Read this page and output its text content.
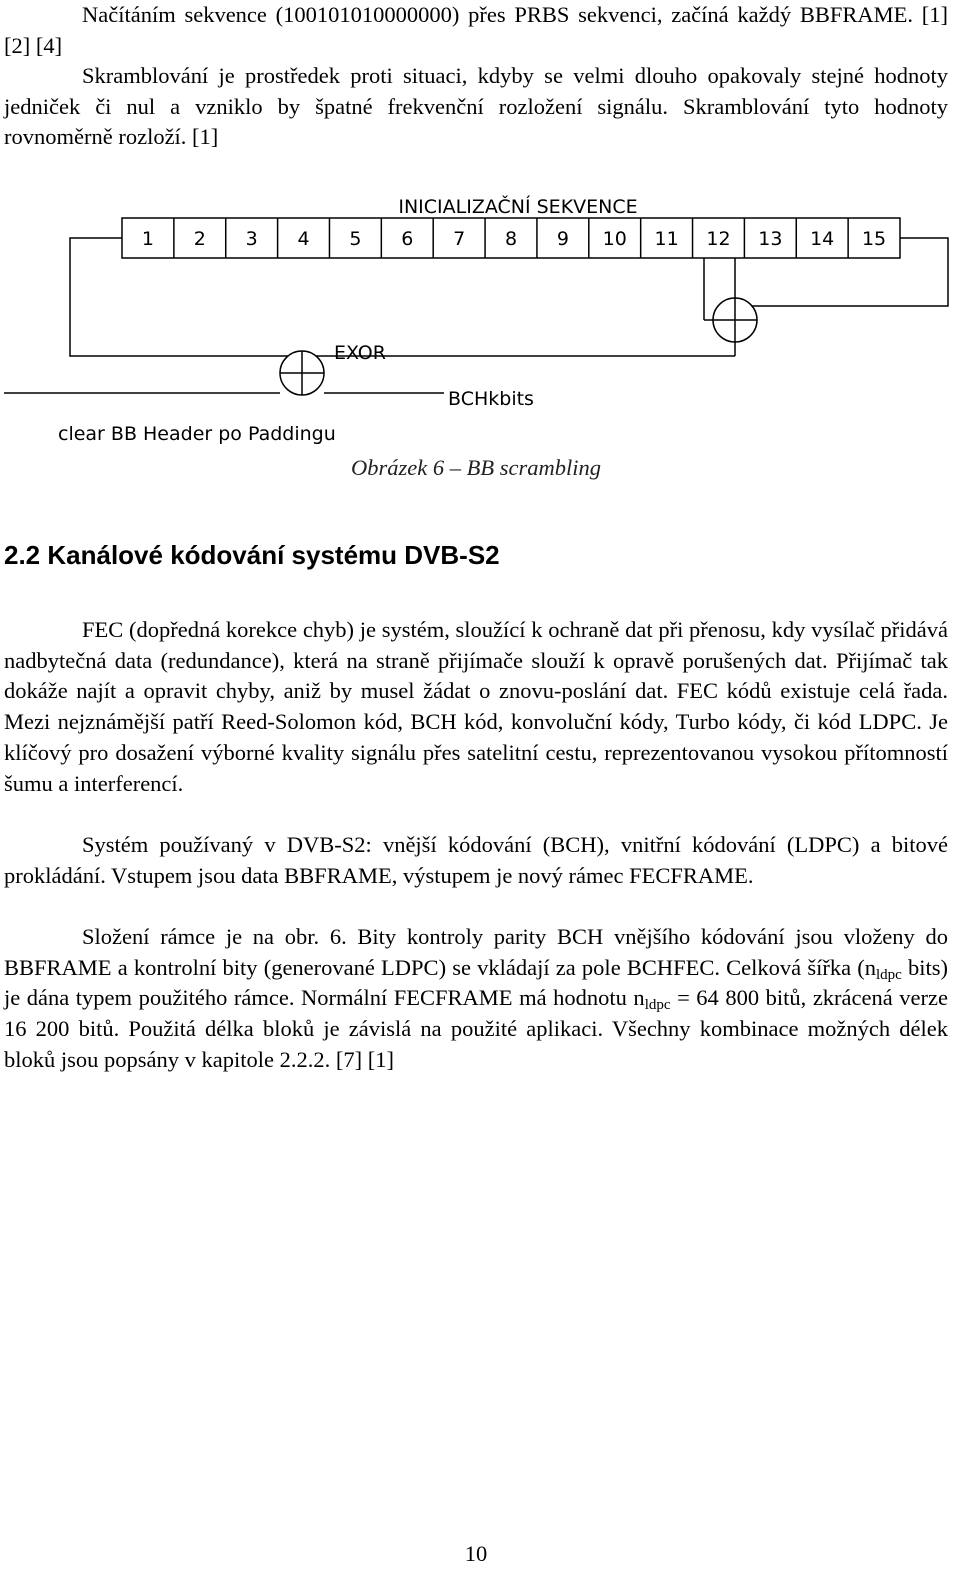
Načítáním sekvence (100101010000000) přes PRBS sekvenci, začíná každý BBFRAME. [1] [2] [4]

Skramblování je prostředek proti situaci, kdyby se velmi dlouho opakovaly stejné hodnoty jedniček či nul a vzniklo by špatné frekvenční rozložení signálu. Skramblování tyto hodnoty rovnoměrně rozloží. [1]

INICIALIZAČNÍ SEKVENCE
1 2 3 4 5 6 7 8 9 10 11 12 13 14 15
EXOR
BCHkbits
clear BB Header po Paddingu
Obrázek 6 – BB scrambling
2.2 Kanálové kódování systému DVB-S2

FEC (dopředná korekce chyb) je systém, sloužící k ochraně dat při přenosu, kdy vysílač přidává nadbytečná data (redundance), která na straně přijímače slouží k opravě porušených dat. Přijímač tak dokáže najít a opravit chyby, aniž by musel žádat o znovu-poslání dat. FEC kódů existuje celá řada. Mezi nejznámější patří Reed-Solomon kód, BCH kód, konvoluční kódy, Turbo kódy, či kód LDPC. Je klíčový pro dosažení výborné kvality signálu přes satelitní cestu, reprezentovanou vysokou přítomností šumu a interferencí.

Systém používaný v DVB-S2: vnější kódování (BCH), vnitřní kódování (LDPC) a bitové prokládání. Vstupem jsou data BBFRAME, výstupem je nový rámec FECFRAME.

Složení rámce je na obr. 6. Bity kontroly parity BCH vnějšího kódování jsou vloženy do BBFRAME a kontrolní bity (generované LDPC) se vkládají za pole BCHFEC. Celková šířka ($n_{ldpc}$ bits) je dána typem použitého rámce. Normální FECFRAME má hodnotu $n_{ldpc} = 64$ 800 bitů, zkrácená verze 16 200 bitů. Použitá délka bloků je závislá na použité aplikaci. Všechny kombinace možných délek bloků jsou popsány v kapitole 2.2.2. [7] [1]

10
